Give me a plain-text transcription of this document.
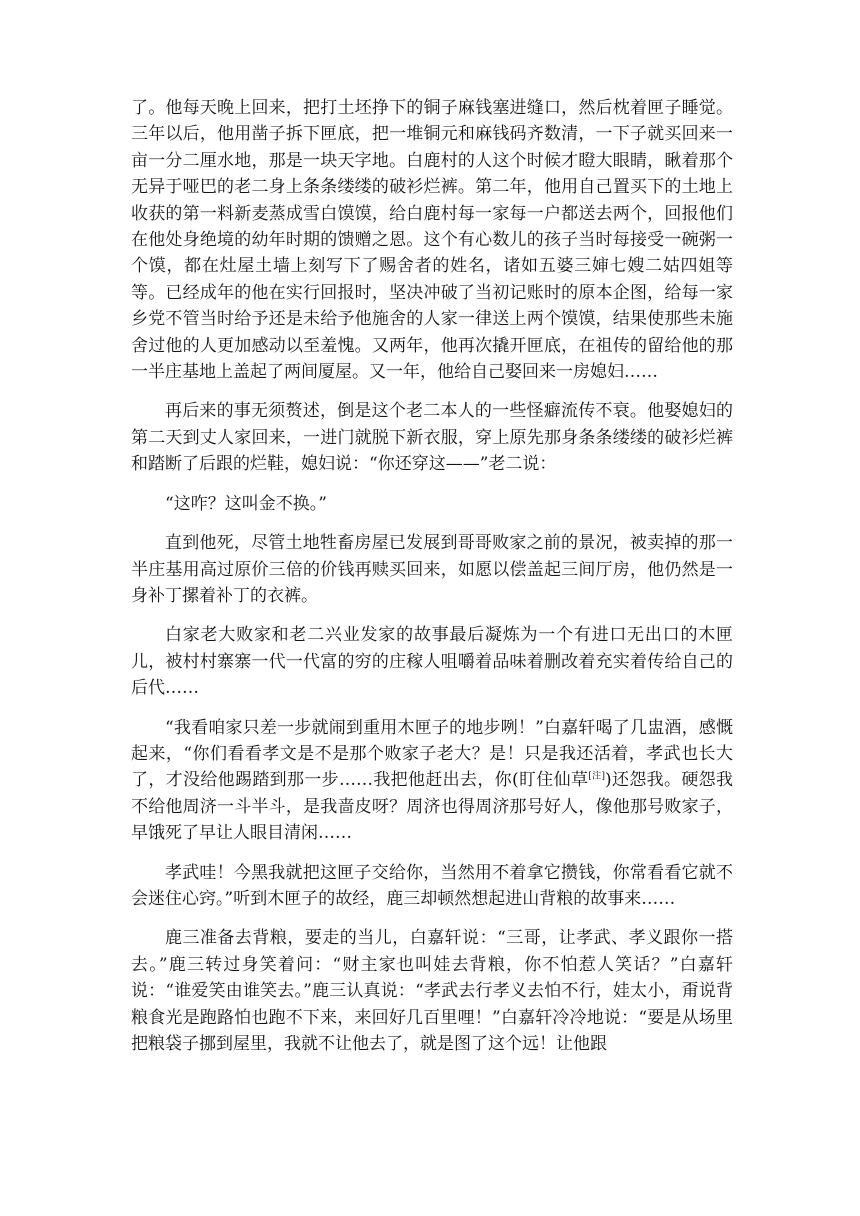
了。他每天晚上回来，把打土坯挣下的铜子麻钱塞进缝口，然后枕着匣子睡觉。三年以后，他用凿子拆下匣底，把一堆铜元和麻钱码齐数清，一下子就买回来一亩一分二厘水地，那是一块天字地。白鹿村的人这个时候才瞪大眼睛，瞅着那个无异于哑巴的老二身上条条缕缕的破衫烂裤。第二年，他用自己置买下的土地上收获的第一料新麦蒸成雪白馍馍，给白鹿村每一家每一户都送去两个，回报他们在他处身绝境的幼年时期的馈赠之恩。这个有心数儿的孩子当时每接受一碗粥一个馍，都在灶屋土墙上刻写下了赐舍者的姓名，诸如五婆三婶七嫂二姑四姐等等。已经成年的他在实行回报时，坚决冲破了当初记账时的原本企图，给每一家乡党不管当时给予还是未给予他施舍的人家一律送上两个馍馍，结果使那些未施舍过他的人更加感动以至羞愧。又两年，他再次撬开匣底，在祖传的留给他的那一半庄基地上盖起了两间厦屋。又一年，他给自己娶回来一房媳妇……

再后来的事无须赘述，倒是这个老二本人的一些怪癖流传不衰。他娶媳妇的第二天到丈人家回来，一进门就脱下新衣服，穿上原先那身条条缕缕的破衫烂裤和踏断了后跟的烂鞋，媳妇说：“你还穿这——”老二说：

“这咋？这叫金不换。”

直到他死，尽管土地牲畜房屋已发展到哥哥败家之前的景况，被卖掉的那一半庄基用高过原价三倍的价钱再赎买回来，如愿以偿盖起三间厅房，他仍然是一身补丁摞着补丁的衣裤。

白家老大败家和老二兴业发家的故事最后凝炼为一个有进口无出口的木匣儿，被村村寨寨一代一代富的穷的庄稼人咀嚼着品味着删改着充实着传给自己的后代……

“我看咱家只差一步就闹到重用木匣子的地步咧！”白嘉轩喝了几盅酒，感慨起来，“你们看看孝文是不是那个败家子老大？是！只是我还活着，孝武也长大了，才没给他踢踏到那一步……我把他赶出去，你(盯住仙草[注])还怨我。硬怨我不给他周济一斗半斗，是我啬皮呀？周济也得周济那号好人，像他那号败家子，早饿死了早让人眼目清闲……

孝武哇！今黑我就把这匣子交给你，当然用不着拿它攒钱，你常看看它就不会迷住心窍。”听到木匣子的故经，鹿三却顿然想起进山背粮的故事来……

鹿三准备去背粮，要走的当儿，白嘉轩说：“三哥，让孝武、孝义跟你一搭去。”鹿三转过身笑着问：“财主家也叫娃去背粮，你不怕惹人笑话？”白嘉轩说：“谁爱笑由谁笑去。”鹿三认真说：“孝武去行孝义去怕不行，娃太小，甭说背粮食光是跑路怕也跑不下来，来回好几百里哩！”白嘉轩冷冷地说：“要是从场里把粮袋子挪到屋里，我就不让他去了，就是图了这个远！让他跟
